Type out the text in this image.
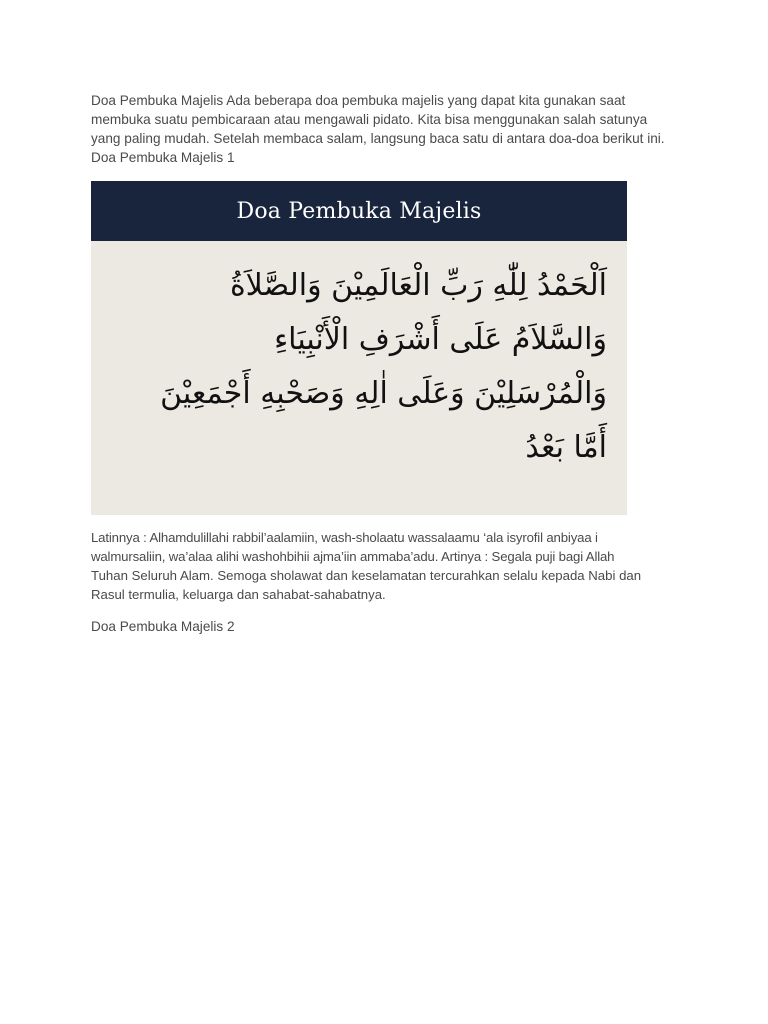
Doa Pembuka Majelis Ada beberapa doa pembuka majelis yang dapat kita gunakan saat
membuka suatu pembicaraan atau mengawali pidato. Kita bisa menggunakan salah satunya
yang paling mudah. Setelah membaca salam, langsung baca satu di antara doa-doa berikut ini.

Doa Pembuka Majelis 1

Doa Pembuka Majelis
اَلْحَمْدُ لِلّٰهِ رَبِّ الْعَالَمِيْنَ وَالصَّلاَةُ
وَالسَّلاَمُ عَلَى أَشْرَفِ الْأَنْبِيَاءِ
وَالْمُرْسَلِيْنَ وَعَلَى اٰلِهِ وَصَحْبِهِ أَجْمَعِيْنَ
أَمَّا بَعْدُ

Latinnya : Alhamdulillahi rabbil’aalamiin, wash-sholaatu wassalaamu ‘ala isyrofil anbiyaa i
walmursaliin, wa’alaa alihi washohbihii ajma’iin ammaba’adu. Artinya : Segala puji bagi Allah
Tuhan Seluruh Alam. Semoga sholawat dan keselamatan tercurahkan selalu kepada Nabi dan
Rasul termulia, keluarga dan sahabat-sahabatnya.

Doa Pembuka Majelis 2
